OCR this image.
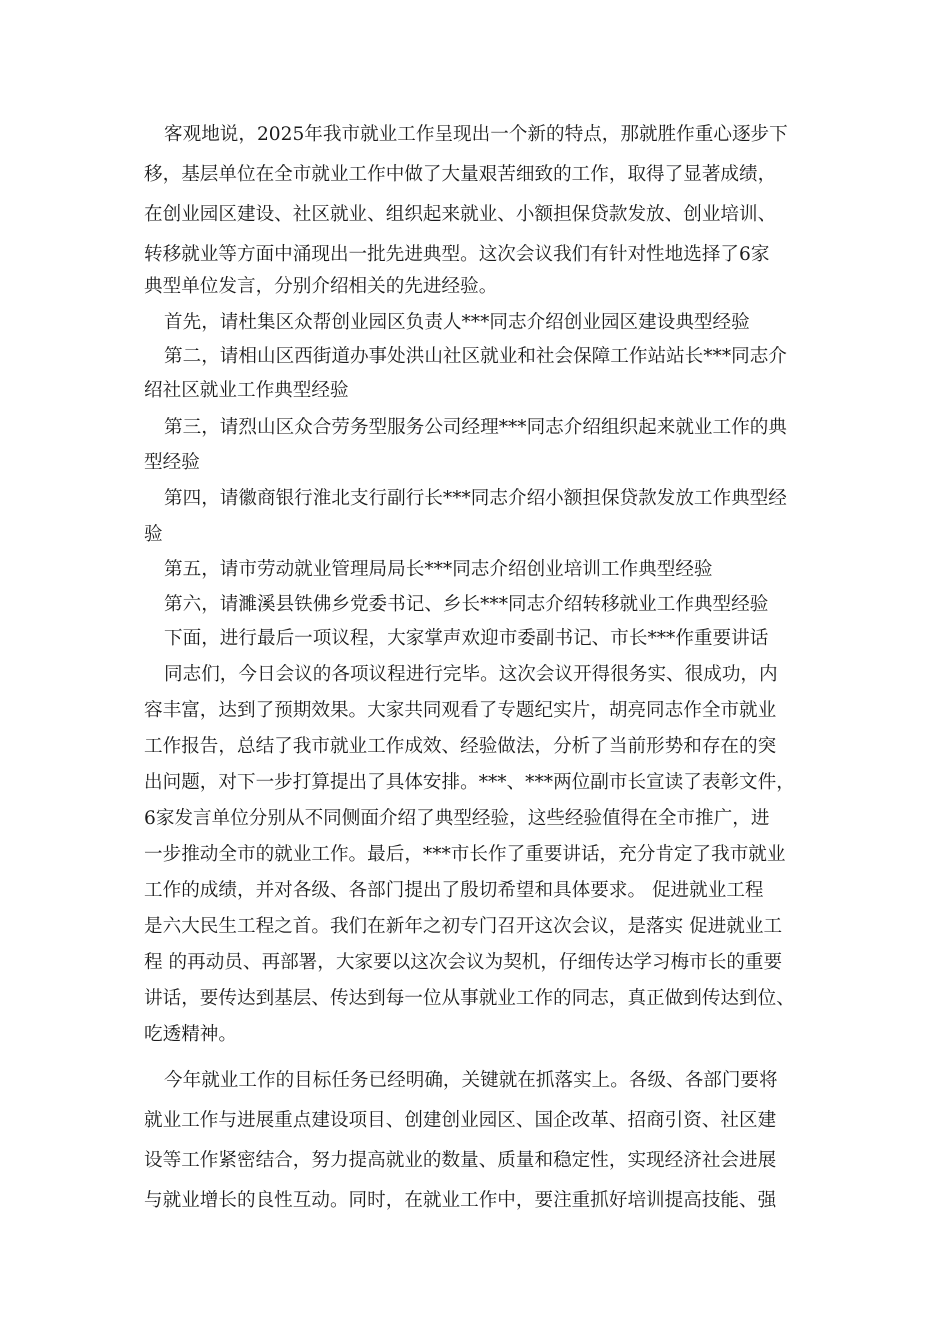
客观地说，2025年我市就业工作呈现出一个新的特点，那就胜作重心逐步下

移，基层单位在全市就业工作中做了大量艰苦细致的工作，取得了显著成绩，

在创业园区建设、社区就业、组织起来就业、小额担保贷款发放、创业培训、

转移就业等方面中涌现出一批先进典型。这次会议我们有针对性地选择了6家

典型单位发言，分别介绍相关的先进经验。

首先，请杜集区众帮创业园区负责人***同志介绍创业园区建设典型经验

第二，请相山区西街道办事处洪山社区就业和社会保障工作站站长***同志介

绍社区就业工作典型经验

第三，请烈山区众合劳务型服务公司经理***同志介绍组织起来就业工作的典

型经验

第四，请徽商银行淮北支行副行长***同志介绍小额担保贷款发放工作典型经

验

第五，请市劳动就业管理局局长***同志介绍创业培训工作典型经验

第六，请濉溪县铁佛乡党委书记、乡长***同志介绍转移就业工作典型经验

下面，进行最后一项议程，大家掌声欢迎市委副书记、市长***作重要讲话

同志们，今日会议的各项议程进行完毕。这次会议开得很务实、很成功，内

容丰富，达到了预期效果。大家共同观看了专题纪实片，胡亮同志作全市就业

工作报告，总结了我市就业工作成效、经验做法，分析了当前形势和存在的突

出问题，对下一步打算提出了具体安排。***、***两位副市长宣读了表彰文件，

6家发言单位分别从不同侧面介绍了典型经验，这些经验值得在全市推广，进

一步推动全市的就业工作。最后，***市长作了重要讲话，充分肯定了我市就业

工作的成绩，并对各级、各部门提出了殷切希望和具体要求。 促进就业工程

是六大民生工程之首。我们在新年之初专门召开这次会议，是落实 促进就业工

程 的再动员、再部署，大家要以这次会议为契机，仔细传达学习梅市长的重要

讲话，要传达到基层、传达到每一位从事就业工作的同志，真正做到传达到位、

吃透精神。

今年就业工作的目标任务已经明确，关键就在抓落实上。各级、各部门要将

就业工作与进展重点建设项目、创建创业园区、国企改革、招商引资、社区建

设等工作紧密结合，努力提高就业的数量、质量和稳定性，实现经济社会进展

与就业增长的良性互动。同时，在就业工作中，要注重抓好培训提高技能、强
